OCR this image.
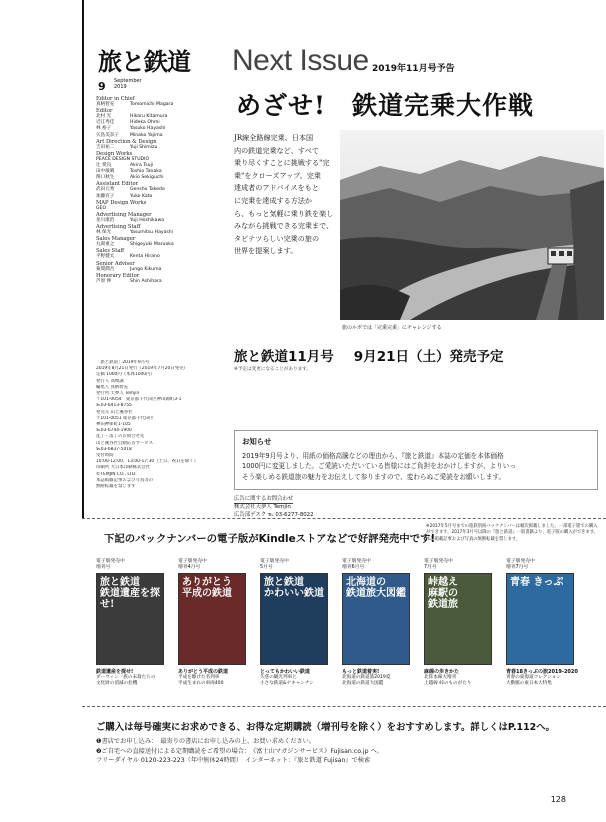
旅と鉄道
9 September
2019
Editor in Chief
真柄智充	Tomomichi Magara
Editor
北村 光	Hikaru Kitamura
近江秀佳	Hideka Ohmi
林 裕子	Yasuko Hayashi
矢島美奈子	Minako Yajima
Art Direction & Design
吉田祐二	Yuji Shimizu
Design Works
PEACE DESIGN STUDIO
辻 愛良	Akira Tsuji
田中敏晴	Toshio Tanaka
関口秋生	Akio Sekiguchi
Assistant Editor
武田元秀	Gensho Takeda
加藤有子	Yuko Kato
MAP Design Works
GEO
Advertising Manager
星川康治	Yuji Hoshikawa
Advertising Staff
林 保光	Yasumitsu Hayashi
Sales Manager
丸岡重之	Shigeyuki Maruoka
Sales Staff
平野健太	Kenta Hirano
Senior Adviser
菊間潤吾	Jungo Kikuma
Honorary Editor
芦原 伸	Shin Ashihara
「旅と鉄道」2019年9月号
2019年8月21日発行（2019年7月20日発売）
定価 1000円（本体1000円）
発行人 高崎誠
編集人 真柄智充
発行所 天夢人 Temjin
〒101-0054　東京都千代田区神田錦町3-1
℡03-6413-8755
発売元 山と溪谷社
〒101-0051 東京都千代田区
神田神保町1-105
℡03-6744-1900
乱丁・落丁のお問合せ先
山と溪谷社自動応答サービス
℡03-6837-5018
受付時間
10:00-12:00、13:00-17:30（土日、祝日を除く）
印刷所 大日本印刷株式会社
©TEMJIN CO., LTD.
本誌掲載記事および写真等の
無断転載を禁じます
Next Issue 2019年11月号予告
めざせ!　鉄道完乗大作戦
JR線全路線完乗、日本国
内の鉄道完乗など、すべて
乗り尽くすことに挑戦する"完
乗"をクローズアップ。完乗
達成者のアドバイスをもと
に完乗を達成する方法か
ら、もっと気軽に乗り鉄を楽し
みながら挑戦できる完乗まで、
タビテツらしい完乗の旅の
世界を提案します。
旅のルポでは「完乗完乗」にチャレンジする
旅と鉄道11月号 9月21日（土）発売予定
※予定は変更になることがあります。
お知らせ
2019年9月号より、用紙の価格高騰などの理由から、『旅と鉄道』本誌の定価を本体価格
1000円に変更しました。ご愛読いただいている皆様にはご負担をおかけしますが、よりいっ
そう楽しめる鉄道旅の魅力をお伝えして参りますので、変わらぬご愛読をお願いします。
広告に関するお問合わせ

株式会社天夢人 Temjin
広告部デスク ℡ 03-6277-8022
下記のバックナンバーの電子版がKindleストアなどで好評発売中です!
※2017年5月号までの旅鉄別冊バックナンバーは順次掲載しました。一部電子版での購入ができます。2017年3月号以降の『旅と鉄道』一般書籍より、電子版の購入ができます。本誌掲載記事および写真の無断転載を禁じます。
電子版発売中
増刊号
旅と鉄道
鉄道遺産を探せ!
鉄道遺産を探せ!
ダーウィン一族の末裔たちの
文化財の消滅の危機
電子版発売中
増刊4月号
ありがとう
平成の鉄道
ありがとう平成の鉄道
平成を駆けた名列車
平成生まれの車両400
電子版発売中
5月号
旅と鉄道
かわいい鉄道
とってもかわいい鉄道
久慈の観光列車と
小さな鉄道&ナキャンチン
電子版発売中
増刊6月号
北海道の
鉄道旅大図鑑
もっと鉄道着実!
北海道の鉄道旅2019夏
北海道の鉄道大図鑑
電子版発売中
7月号
峠越え
麻駅の
鉄道旅
麻線の歩きかた
北陸本線大増刊
上越線 峠のものがたり
電子版発売中
増刊7月号
青春 きっぷ
青春18きっぷの旅2019-2020
青春の東海道コレクション
大動脈の東日本大特集
ご購入は毎号確実にお求めできる、お得な定期購読（増刊号を除く）をおすすめします。詳しくはP.112へ。
❶書店でお申し込み：　最寄りの書店にお申し込みの上、お買い求めください。
❷ご自宅への直接送付による定期購読をご希望の場合：　《富士山マガジンサービス》Fujisan.co.jp へ。
フリーダイヤル 0120-223-223（年中無休24時間）　インターネット：『旅と鉄道 Fujisan』で検索
128
